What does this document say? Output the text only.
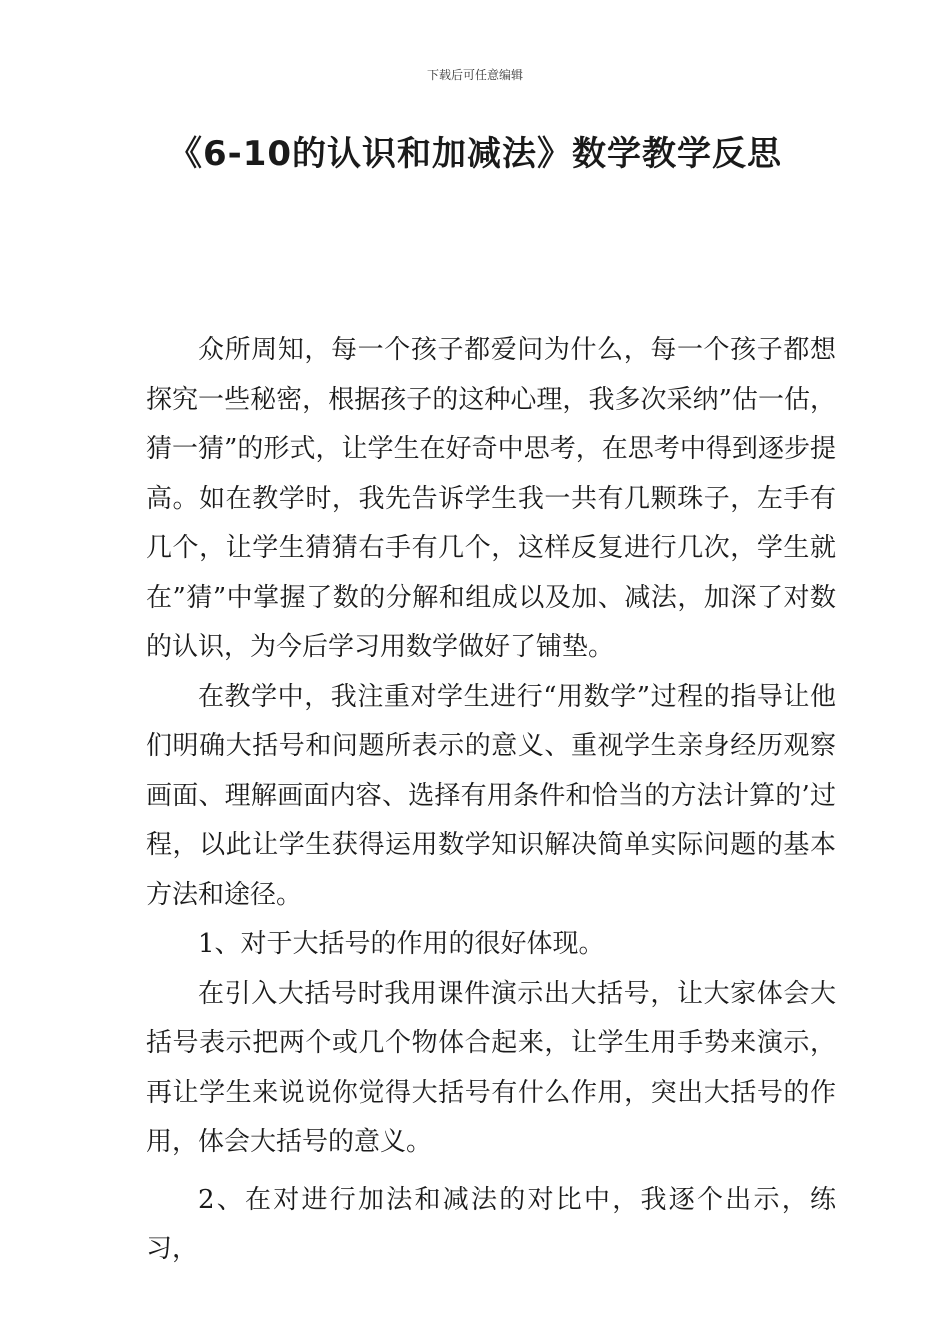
下载后可任意编辑
《6-10的认识和加减法》数学教学反思

众所周知，每一个孩子都爱问为什么，每一个孩子都想探究一些秘密，根据孩子的这种心理，我多次采纳”估一估，猜一猜”的形式，让学生在好奇中思考，在思考中得到逐步提高。如在教学时，我先告诉学生我一共有几颗珠子，左手有几个，让学生猜猜右手有几个，这样反复进行几次，学生就在”猜”中掌握了数的分解和组成以及加、减法，加深了对数的认识，为今后学习用数学做好了铺垫。

在教学中，我注重对学生进行“用数学”过程的指导让他们明确大括号和问题所表示的意义、重视学生亲身经历观察画面、理解画面内容、选择有用条件和恰当的方法计算的’过程，以此让学生获得运用数学知识解决简单实际问题的基本方法和途径。

1、对于大括号的作用的很好体现。

在引入大括号时我用课件演示出大括号，让大家体会大括号表示把两个或几个物体合起来，让学生用手势来演示，再让学生来说说你觉得大括号有什么作用，突出大括号的作用，体会大括号的意义。

2、在对进行加法和减法的对比中，我逐个出示，练习，
